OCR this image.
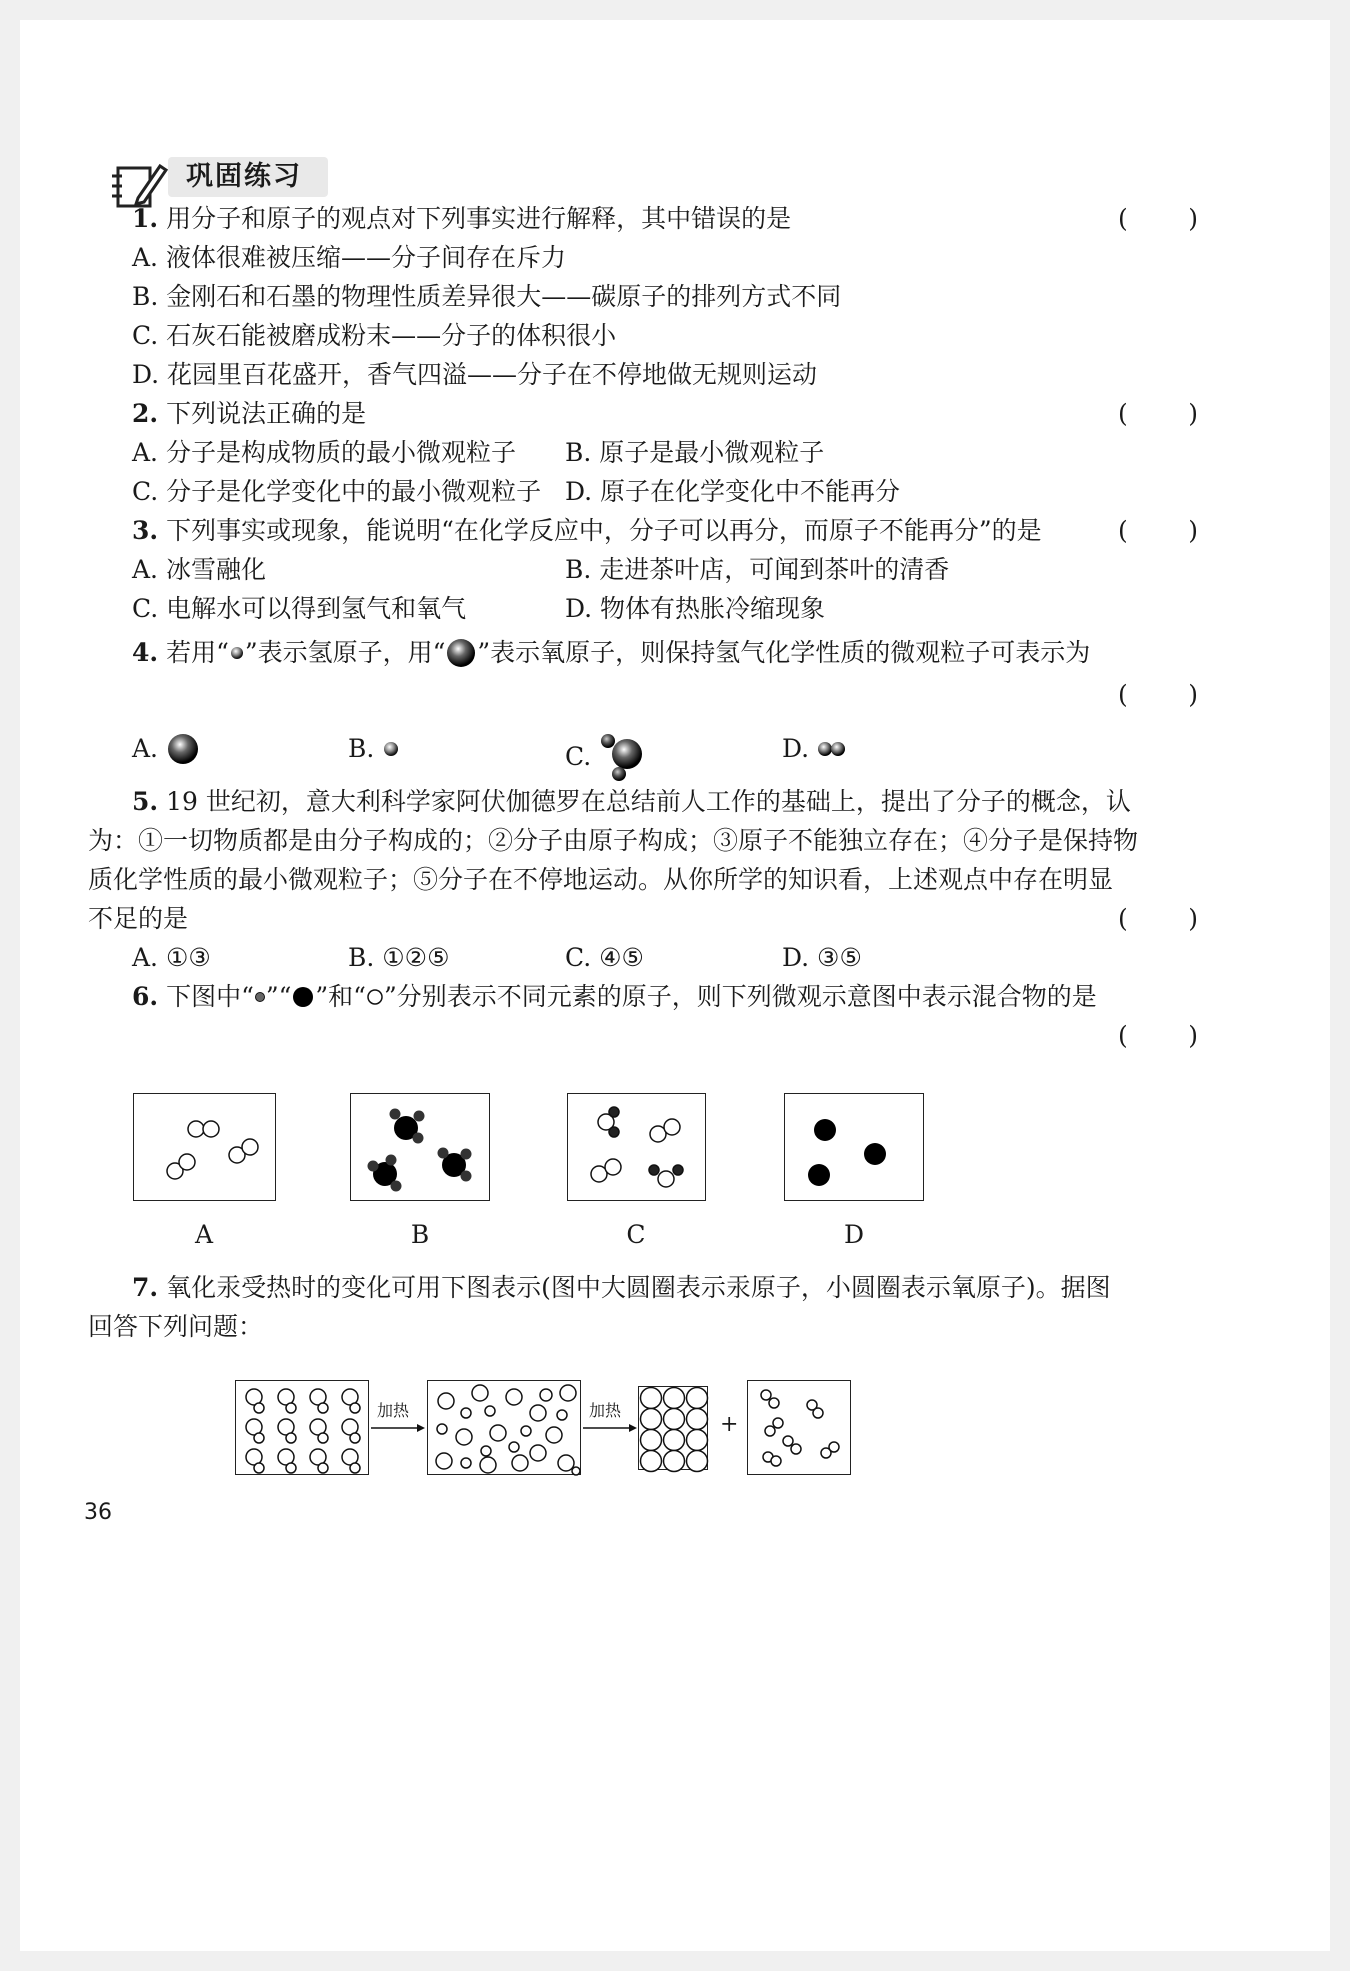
巩固练习
1. 用分子和原子的观点对下列事实进行解释，其中错误的是	( )
A. 液体很难被压缩——分子间存在斥力
B. 金刚石和石墨的物理性质差异很大——碳原子的排列方式不同
C. 石灰石能被磨成粉末——分子的体积很小
D. 花园里百花盛开，香气四溢——分子在不停地做无规则运动
2. 下列说法正确的是	( )
A. 分子是构成物质的最小微观粒子 B. 原子是最小微观粒子
C. 分子是化学变化中的最小微观粒子 D. 原子在化学变化中不能再分
3. 下列事实或现象，能说明“在化学反应中，分子可以再分，而原子不能再分”的是	( )
A. 冰雪融化	B. 走进茶叶店，可闻到茶叶的清香
C. 电解水可以得到氢气和氧气	D. 物体有热胀冷缩现象
4.
若用“ ”表示氢原子，用“ ”表示氧原子，则保持氢气化学性质的微观粒子可表示为
( )
A.
	B.
	C.
	D.

5. 19 世纪初，意大利科学家阿伏伽德罗在总结前人工作的基础上，提出了分子的概念，认
为：①一切物质都是由分子构成的；②分子由原子构成；③原子不能独立存在；④分子是保持物
质化学性质的最小微观粒子；⑤分子在不停地运动。从你所学的知识看，上述观点中存在明显
不足的是	( )
A. ①③	B. ①②⑤	C. ④⑤	D. ③⑤
6.
下图中“ ”“ ”和“ ”分别表示不同元素的原子，则下列微观示意图中表示混合物的是
( )
A	B	C	D
7. 氧化汞受热时的变化可用下图表示(图中大圆圈表示汞原子，小圆圈表示氧原子)。据图
回答下列问题：
加热	加热
+
36
